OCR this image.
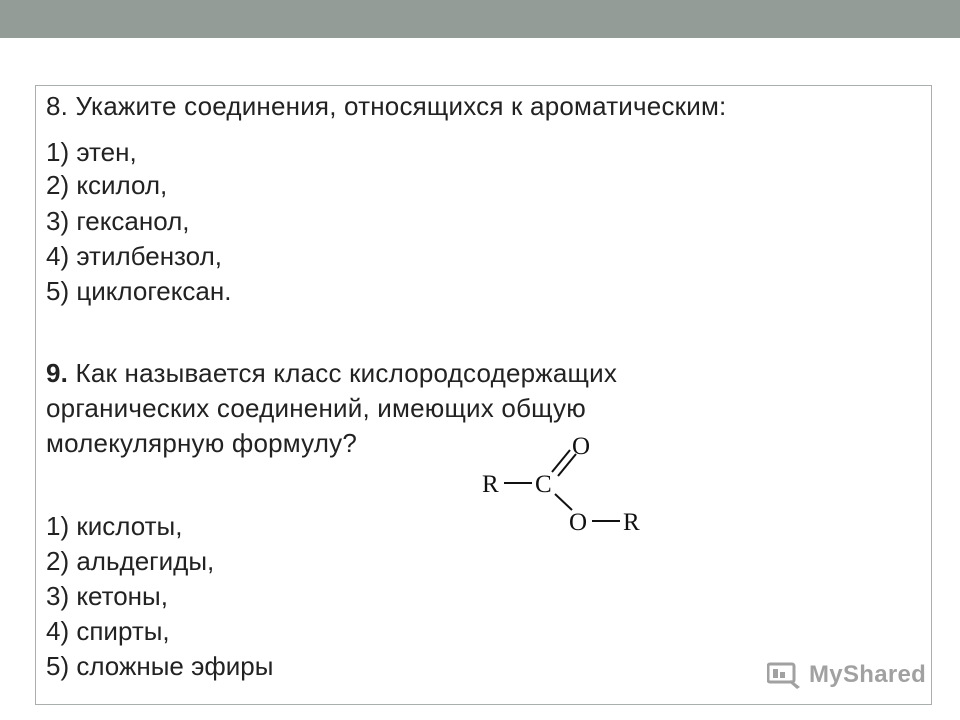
8. Укажите соединения, относящихся к ароматическим:
1) этен,
2) ксилол,
3) гексанол,
4) этилбензол,
5) циклогексан.
9. Как называется класс кислородсодержащих
органических соединений, имеющих общую
молекулярную формулу?
R C
O
O R
1) кислоты,
2) альдегиды,
3) кетоны,
4) спирты,
5) сложные эфиры	MyShared
